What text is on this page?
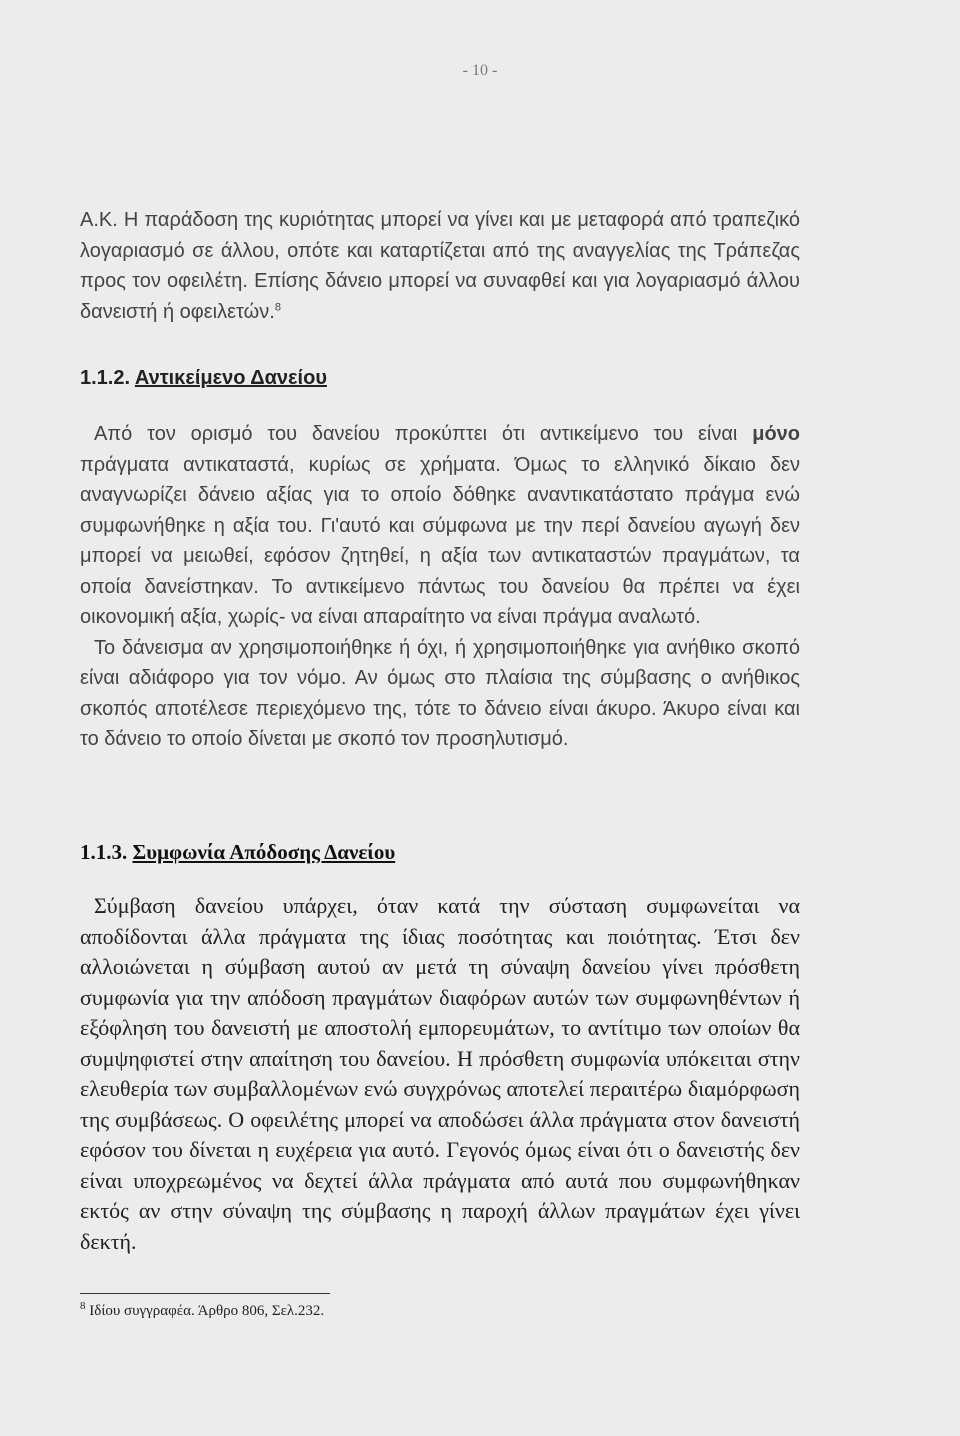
- 10 -

Α.Κ. Η παράδοση της κυριότητας μπορεί να γίνει και με μεταφορά από τραπεζικό λογαριασμό σε άλλου, οπότε και καταρτίζεται από της αναγγελίας της Τράπεζας προς τον οφειλέτη. Επίσης δάνειο μπορεί να συναφθεί και για λογαριασμό άλλου δανειστή ή οφειλετών.$^8$

1.1.2. Αντικείμενο Δανείου

Από τον ορισμό του δανείου προκύπτει ότι αντικείμενο του είναι μόνο πράγματα αντικαταστά, κυρίως σε χρήματα. Όμως το ελληνικό δίκαιο δεν αναγνωρίζει δάνειο αξίας για το οποίο δόθηκε αναντικατάστατο πράγμα ενώ συμφωνήθηκε η αξία του. Γι'αυτό και σύμφωνα με την περί δανείου αγωγή δεν μπορεί να μειωθεί, εφόσον ζητηθεί, η αξία των αντικαταστών πραγμάτων, τα οποία δανείστηκαν. Το αντικείμενο πάντως του δανείου θα πρέπει να έχει οικονομική αξία, χωρίς- να είναι απαραίτητο να είναι πράγμα αναλωτό.

Το δάνεισμα αν χρησιμοποιήθηκε ή όχι, ή χρησιμοποιήθηκε για ανήθικο σκοπό είναι αδιάφορο για τον νόμο. Αν όμως στο πλαίσια της σύμβασης ο ανήθικος σκοπός αποτέλεσε περιεχόμενο της, τότε το δάνειο είναι άκυρο. Άκυρο είναι και το δάνειο το οποίο δίνεται με σκοπό τον προσηλυτισμό.

1.1.3. Συμφωνία Απόδοσης Δανείου

Σύμβαση δανείου υπάρχει, όταν κατά την σύσταση συμφωνείται να αποδίδονται άλλα πράγματα της ίδιας ποσότητας και ποιότητας. Έτσι δεν αλλοιώνεται η σύμβαση αυτού αν μετά τη σύναψη δανείου γίνει πρόσθετη συμφωνία για την απόδοση πραγμάτων διαφόρων αυτών των συμφωνηθέντων ή εξόφληση του δανειστή με αποστολή εμπορευμάτων, το αντίτιμο των οποίων θα συμψηφιστεί στην απαίτηση του δανείου. Η πρόσθετη συμφωνία υπόκειται στην ελευθερία των συμβαλλομένων ενώ συγχρόνως αποτελεί περαιτέρω διαμόρφωση της συμβάσεως. Ο οφειλέτης μπορεί να αποδώσει άλλα πράγματα στον δανειστή εφόσον του δίνεται η ευχέρεια για αυτό. Γεγονός όμως είναι ότι ο δανειστής δεν είναι υποχρεωμένος να δεχτεί άλλα πράγματα από αυτά που συμφωνήθηκαν εκτός αν στην σύναψη της σύμβασης η παροχή άλλων πραγμάτων έχει γίνει δεκτή.

$^8$ Ιδίου συγγραφέα. Άρθρο 806, Σελ.232.
